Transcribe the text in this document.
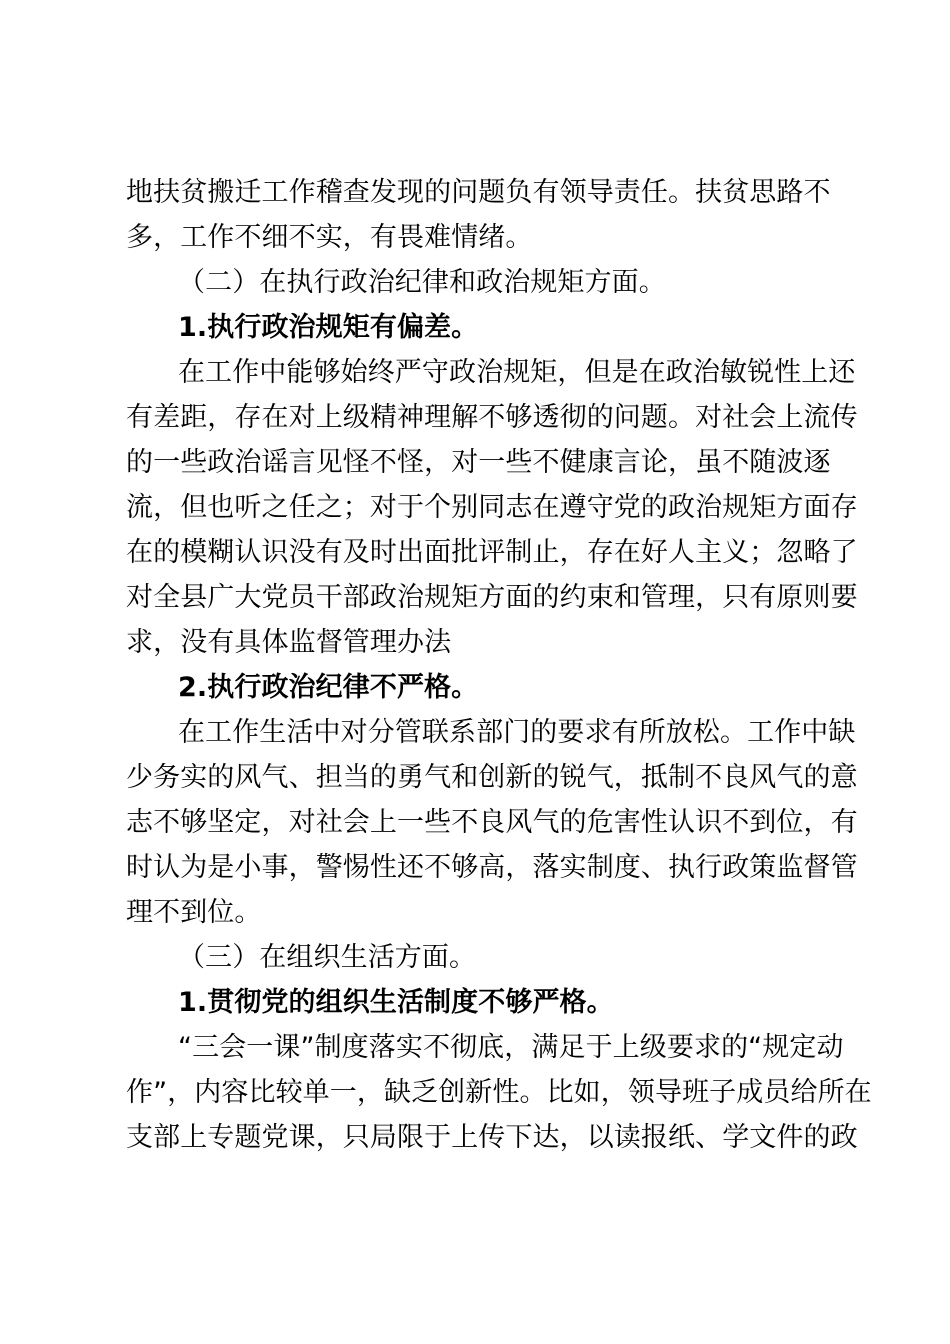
地扶贫搬迁工作稽查发现的问题负有领导责任。扶贫思路不
多，工作不细不实，有畏难情绪。
（二）在执行政治纪律和政治规矩方面。
1.执行政治规矩有偏差。
在工作中能够始终严守政治规矩，但是在政治敏锐性上还
有差距，存在对上级精神理解不够透彻的问题。对社会上流传
的一些政治谣言见怪不怪，对一些不健康言论，虽不随波逐
流，但也听之任之；对于个别同志在遵守党的政治规矩方面存
在的模糊认识没有及时出面批评制止，存在好人主义；忽略了
对全县广大党员干部政治规矩方面的约束和管理，只有原则要
求，没有具体监督管理办法
2.执行政治纪律不严格。
在工作生活中对分管联系部门的要求有所放松。工作中缺
少务实的风气、担当的勇气和创新的锐气，抵制不良风气的意
志不够坚定，对社会上一些不良风气的危害性认识不到位，有
时认为是小事，警惕性还不够高，落实制度、执行政策监督管
理不到位。
（三）在组织生活方面。
1.贯彻党的组织生活制度不够严格。
“三会一课”制度落实不彻底，满足于上级要求的“规定动
作”，内容比较单一，缺乏创新性。比如，领导班子成员给所在
支部上专题党课，只局限于上传下达，以读报纸、学文件的政
